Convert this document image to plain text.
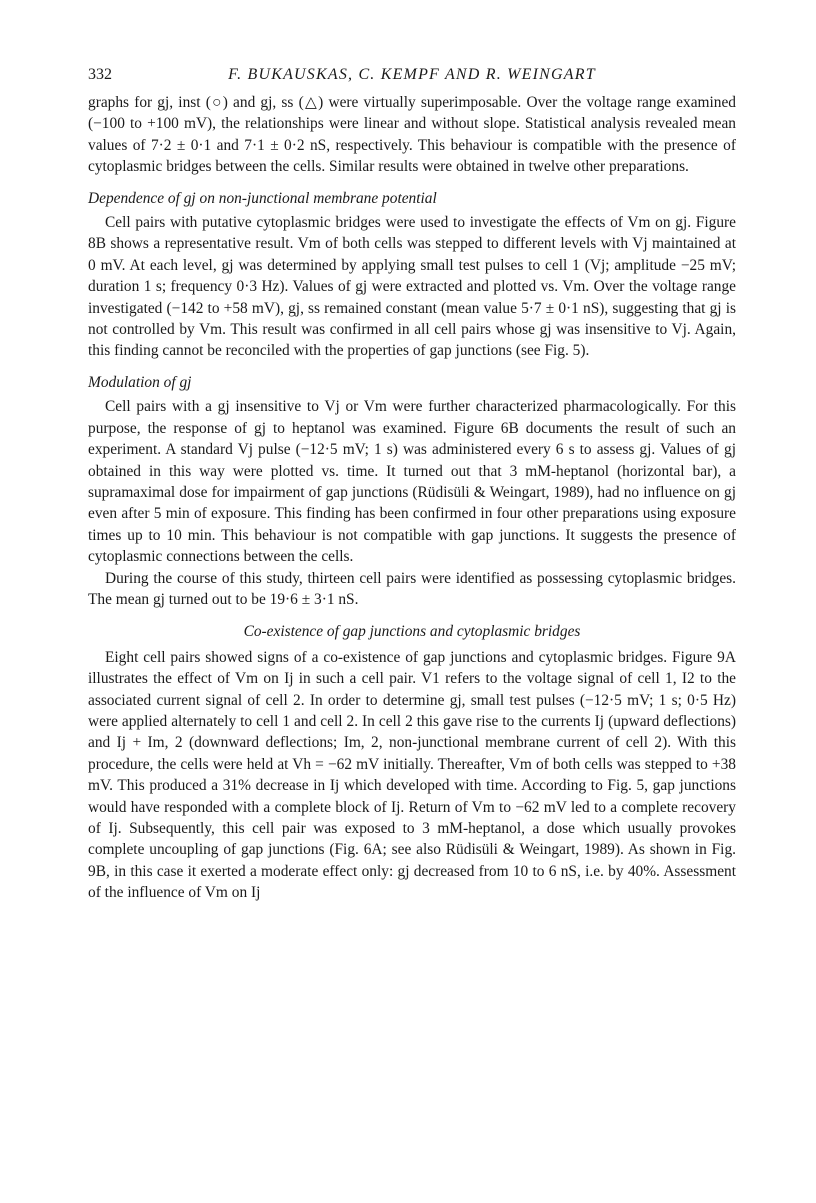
332	F. BUKAUSKAS, C. KEMPF AND R. WEINGART

graphs for gj, inst (○) and gj, ss (△) were virtually superimposable. Over the voltage range examined (−100 to +100 mV), the relationships were linear and without slope. Statistical analysis revealed mean values of 7·2 ± 0·1 and 7·1 ± 0·2 nS, respectively. This behaviour is compatible with the presence of cytoplasmic bridges between the cells. Similar results were obtained in twelve other preparations.

Dependence of gj on non-junctional membrane potential

Cell pairs with putative cytoplasmic bridges were used to investigate the effects of Vm on gj. Figure 8B shows a representative result. Vm of both cells was stepped to different levels with Vj maintained at 0 mV. At each level, gj was determined by applying small test pulses to cell 1 (Vj; amplitude −25 mV; duration 1 s; frequency 0·3 Hz). Values of gj were extracted and plotted vs. Vm. Over the voltage range investigated (−142 to +58 mV), gj, ss remained constant (mean value 5·7 ± 0·1 nS), suggesting that gj is not controlled by Vm. This result was confirmed in all cell pairs whose gj was insensitive to Vj. Again, this finding cannot be reconciled with the properties of gap junctions (see Fig. 5).

Modulation of gj

Cell pairs with a gj insensitive to Vj or Vm were further characterized pharmacologically. For this purpose, the response of gj to heptanol was examined. Figure 6B documents the result of such an experiment. A standard Vj pulse (−12·5 mV; 1 s) was administered every 6 s to assess gj. Values of gj obtained in this way were plotted vs. time. It turned out that 3 mM-heptanol (horizontal bar), a supramaximal dose for impairment of gap junctions (Rüdisüli & Weingart, 1989), had no influence on gj even after 5 min of exposure. This finding has been confirmed in four other preparations using exposure times up to 10 min. This behaviour is not compatible with gap junctions. It suggests the presence of cytoplasmic connections between the cells.

During the course of this study, thirteen cell pairs were identified as possessing cytoplasmic bridges. The mean gj turned out to be 19·6 ± 3·1 nS.

Co-existence of gap junctions and cytoplasmic bridges

Eight cell pairs showed signs of a co-existence of gap junctions and cytoplasmic bridges. Figure 9A illustrates the effect of Vm on Ij in such a cell pair. V1 refers to the voltage signal of cell 1, I2 to the associated current signal of cell 2. In order to determine gj, small test pulses (−12·5 mV; 1 s; 0·5 Hz) were applied alternately to cell 1 and cell 2. In cell 2 this gave rise to the currents Ij (upward deflections) and Ij + Im, 2 (downward deflections; Im, 2, non-junctional membrane current of cell 2). With this procedure, the cells were held at Vh = −62 mV initially. Thereafter, Vm of both cells was stepped to +38 mV. This produced a 31% decrease in Ij which developed with time. According to Fig. 5, gap junctions would have responded with a complete block of Ij. Return of Vm to −62 mV led to a complete recovery of Ij. Subsequently, this cell pair was exposed to 3 mM-heptanol, a dose which usually provokes complete uncoupling of gap junctions (Fig. 6A; see also Rüdisüli & Weingart, 1989). As shown in Fig. 9B, in this case it exerted a moderate effect only: gj decreased from 10 to 6 nS, i.e. by 40%. Assessment of the influence of Vm on Ij
